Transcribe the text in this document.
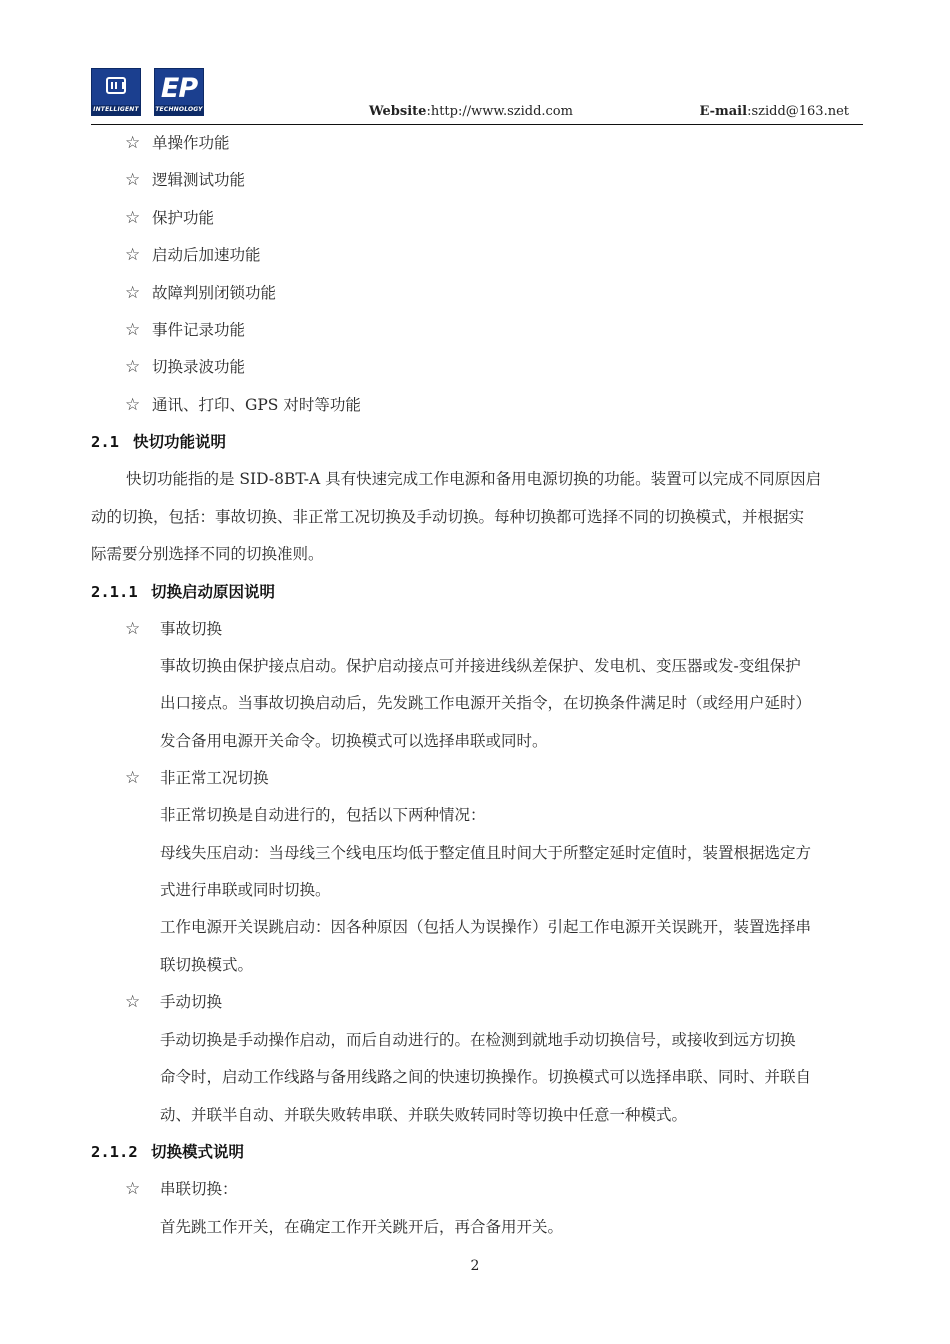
INTELLIGENT
EP
TECHNOLOGY	Website:http://www.szidd.com	E-mail:szidd@163.net
☆ 单操作功能
☆ 逻辑测试功能
☆ 保护功能
☆ 启动后加速功能
☆ 故障判别闭锁功能
☆ 事件记录功能
☆ 切换录波功能
☆ 通讯、打印、GPS 对时等功能
2.1 快切功能说明
快切功能指的是 SID-8BT-A 具有快速完成工作电源和备用电源切换的功能。装置可以完成不同原因启
动的切换，包括：事故切换、非正常工况切换及手动切换。每种切换都可选择不同的切换模式，并根据实
际需要分别选择不同的切换准则。
2.1.1 切换启动原因说明
☆ 事故切换
事故切换由保护接点启动。保护启动接点可并接进线纵差保护、发电机、变压器或发-变组保护
出口接点。当事故切换启动后，先发跳工作电源开关指令，在切换条件满足时（或经用户延时）
发合备用电源开关命令。切换模式可以选择串联或同时。
☆ 非正常工况切换
非正常切换是自动进行的，包括以下两种情况：
母线失压启动：当母线三个线电压均低于整定值且时间大于所整定延时定值时，装置根据选定方
式进行串联或同时切换。
工作电源开关误跳启动：因各种原因（包括人为误操作）引起工作电源开关误跳开，装置选择串
联切换模式。
☆ 手动切换
手动切换是手动操作启动，而后自动进行的。在检测到就地手动切换信号，或接收到远方切换
命令时，启动工作线路与备用线路之间的快速切换操作。切换模式可以选择串联、同时、并联自
动、并联半自动、并联失败转串联、并联失败转同时等切换中任意一种模式。
2.1.2 切换模式说明
☆ 串联切换：
首先跳工作开关，在确定工作开关跳开后，再合备用开关。
2
